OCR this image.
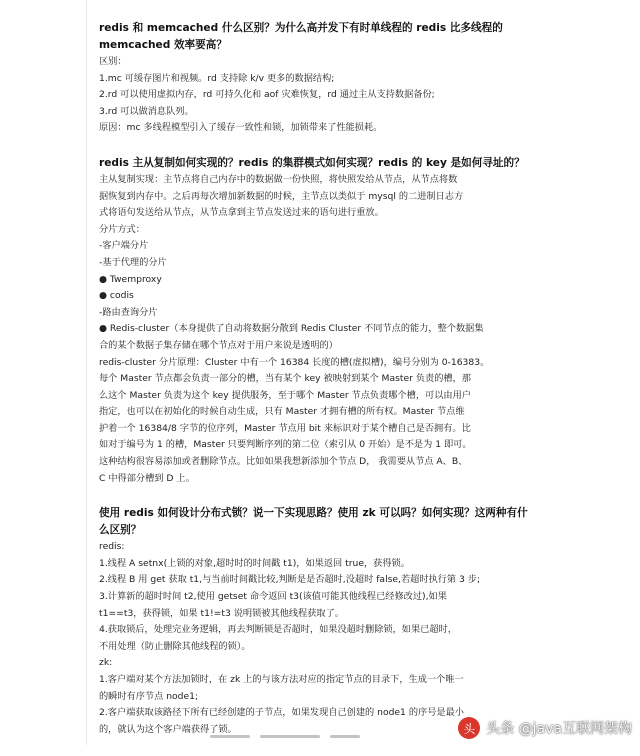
redis 和 memcached 什么区别？为什么高并发下有时单线程的 redis 比多线程的

memcached 效率要高？

区别：

1.mc 可缓存图片和视频。rd 支持除 k/v 更多的数据结构;

2.rd 可以使用虚拟内存，rd 可持久化和 aof 灾难恢复，rd 通过主从支持数据备份;

3.rd 可以做消息队列。

原因：mc 多线程模型引入了缓存一致性和锁，加锁带来了性能损耗。

redis 主从复制如何实现的？redis 的集群模式如何实现？redis 的 key 是如何寻址的？

主从复制实现：主节点将自己内存中的数据做一份快照，将快照发给从节点，从节点将数

据恢复到内存中。之后再每次增加新数据的时候，主节点以类似于 mysql 的二进制日志方

式将语句发送给从节点，从节点拿到主节点发送过来的语句进行重放。

分片方式：

-客户端分片

-基于代理的分片

● Twemproxy

● codis

-路由查询分片

● Redis-cluster（本身提供了自动将数据分散到 Redis Cluster 不同节点的能力，整个数据集

合的某个数据子集存储在哪个节点对于用户来说是透明的）

redis-cluster 分片原理：Cluster 中有一个 16384 长度的槽(虚拟槽)，编号分别为 0-16383。

每个 Master 节点都会负责一部分的槽，当有某个 key 被映射到某个 Master 负责的槽，那

么这个 Master 负责为这个 key 提供服务，至于哪个 Master 节点负责哪个槽，可以由用户

指定，也可以在初始化的时候自动生成，只有 Master 才拥有槽的所有权。Master 节点维

护着一个 16384/8 字节的位序列，Master 节点用 bit 来标识对于某个槽自己是否拥有。比

如对于编号为 1 的槽，Master 只要判断序列的第二位（索引从 0 开始）是不是为 1 即可。

这种结构很容易添加或者删除节点。比如如果我想新添加个节点 D， 我需要从节点 A、B、

C 中得部分槽到 D 上。

使用 redis 如何设计分布式锁？说一下实现思路？使用 zk 可以吗？如何实现？这两种有什

么区别？

redis:

1.线程 A setnx(上锁的对象,超时时的时间戳 t1)，如果返回 true，获得锁。

2.线程 B 用 get 获取 t1,与当前时间戳比较,判断是是否超时,没超时 false,若超时执行第 3 步;

3.计算新的超时时间 t2,使用 getset 命令返回 t3(该值可能其他线程已经修改过),如果

t1==t3，获得锁，如果 t1!=t3 说明锁被其他线程获取了。

4.获取锁后，处理完业务逻辑，再去判断锁是否超时，如果没超时删除锁，如果已超时，

不用处理（防止删除其他线程的锁）。

zk:

1.客户端对某个方法加锁时，在 zk 上的与该方法对应的指定节点的目录下，生成一个唯一

的瞬时有序节点 node1;

2.客户端获取该路径下所有已经创建的子节点，如果发现自己创建的 node1 的序号是最小

的，就认为这个客户端获得了锁。	头 头条 @java互联网架构
